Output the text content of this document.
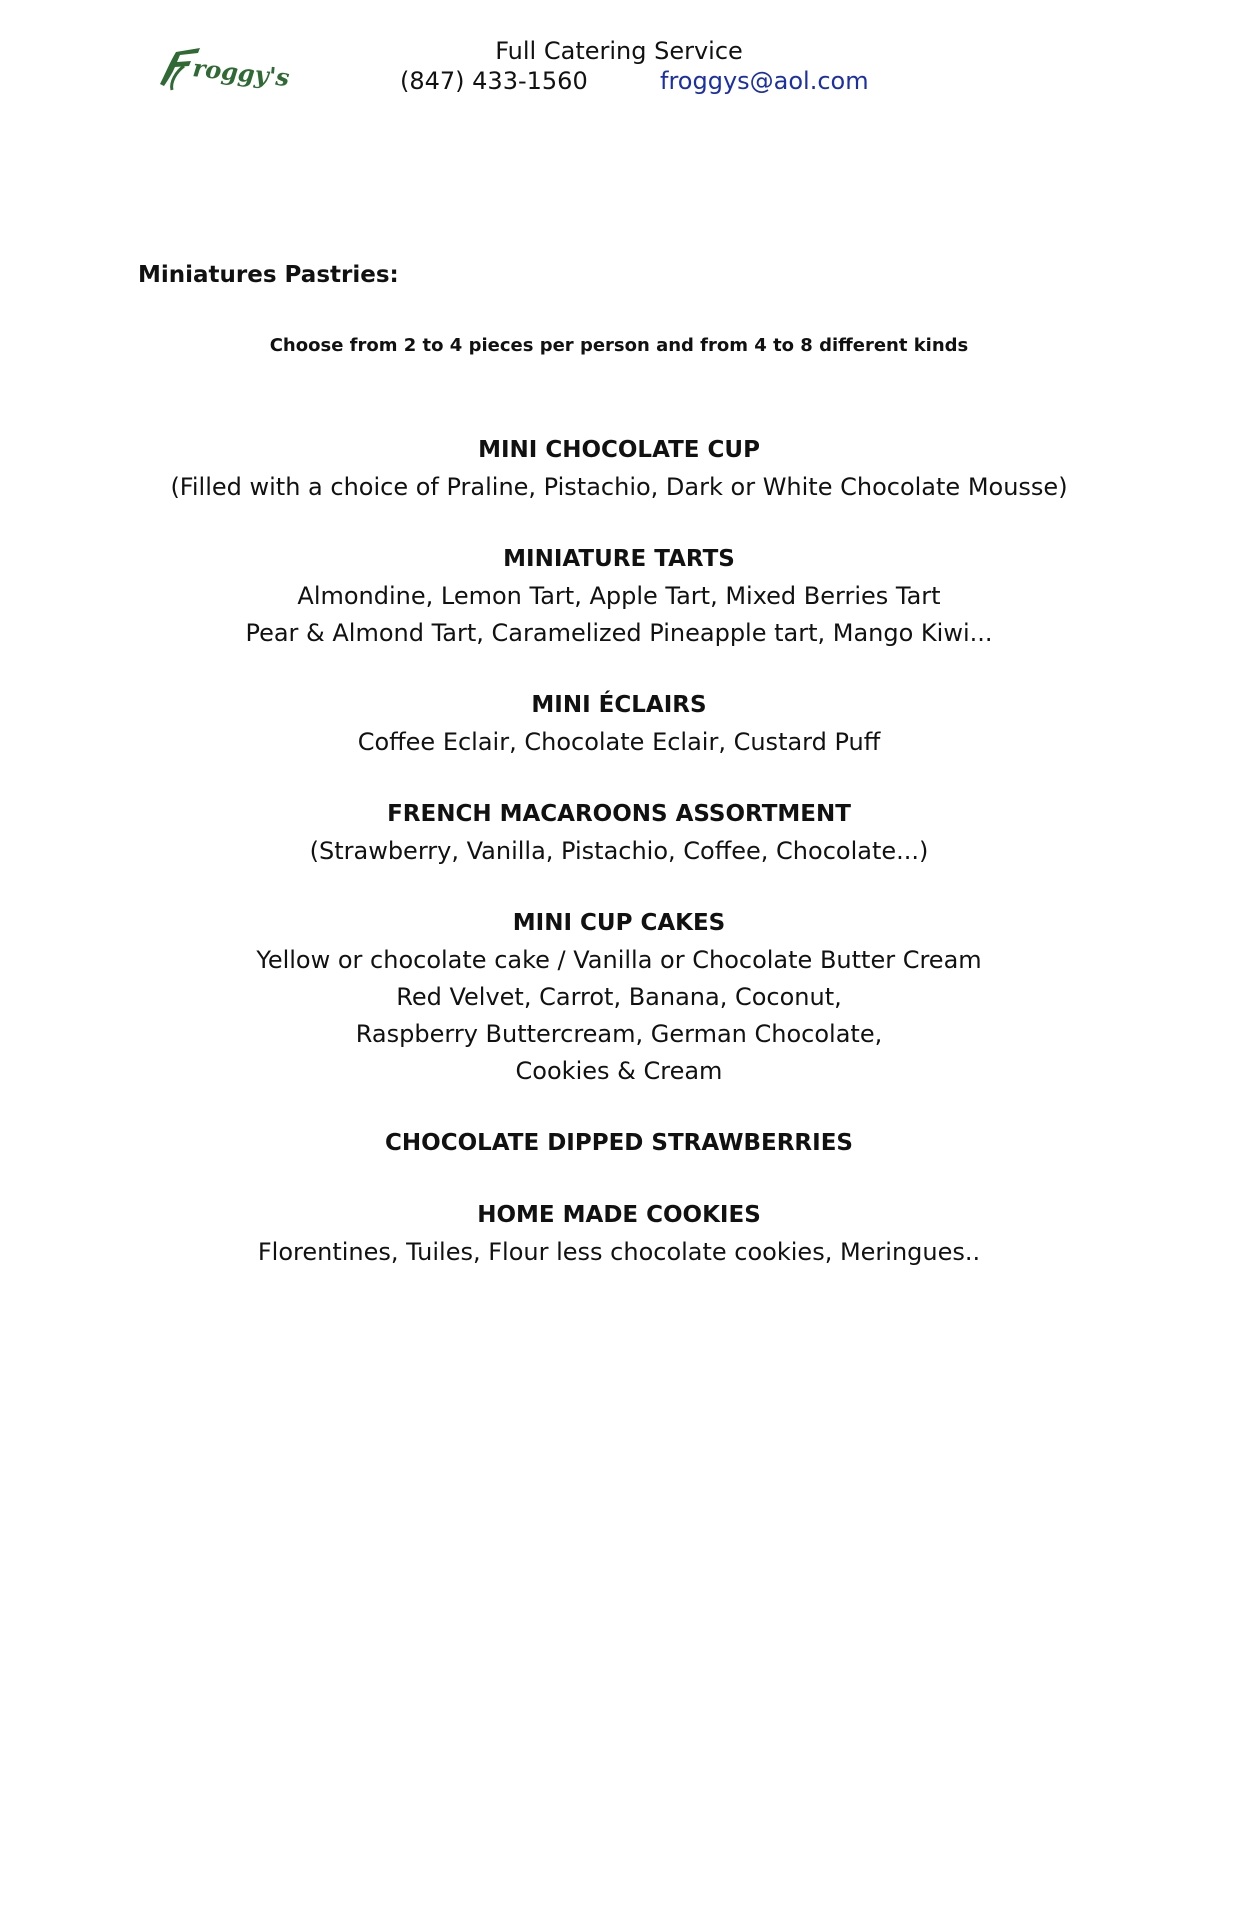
roggy's
Full Catering Service
(847) 433-1560	froggys@aol.com
Miniatures Pastries:
Choose from 2 to 4 pieces per person and from 4 to 8 different kinds
MINI CHOCOLATE CUP
(Filled with a choice of Praline, Pistachio, Dark or White Chocolate Mousse)
MINIATURE TARTS
Almondine, Lemon Tart, Apple Tart, Mixed Berries Tart
Pear & Almond Tart, Caramelized Pineapple tart, Mango Kiwi...
MINI ÉCLAIRS
Coffee Eclair, Chocolate Eclair, Custard Puff
FRENCH MACAROONS ASSORTMENT
(Strawberry, Vanilla, Pistachio, Coffee, Chocolate...)
MINI CUP CAKES
Yellow or chocolate cake / Vanilla or Chocolate Butter Cream
Red Velvet, Carrot, Banana, Coconut,
Raspberry Buttercream, German Chocolate,
Cookies & Cream
CHOCOLATE DIPPED STRAWBERRIES
HOME MADE COOKIES
Florentines, Tuiles, Flour less chocolate cookies, Meringues..
